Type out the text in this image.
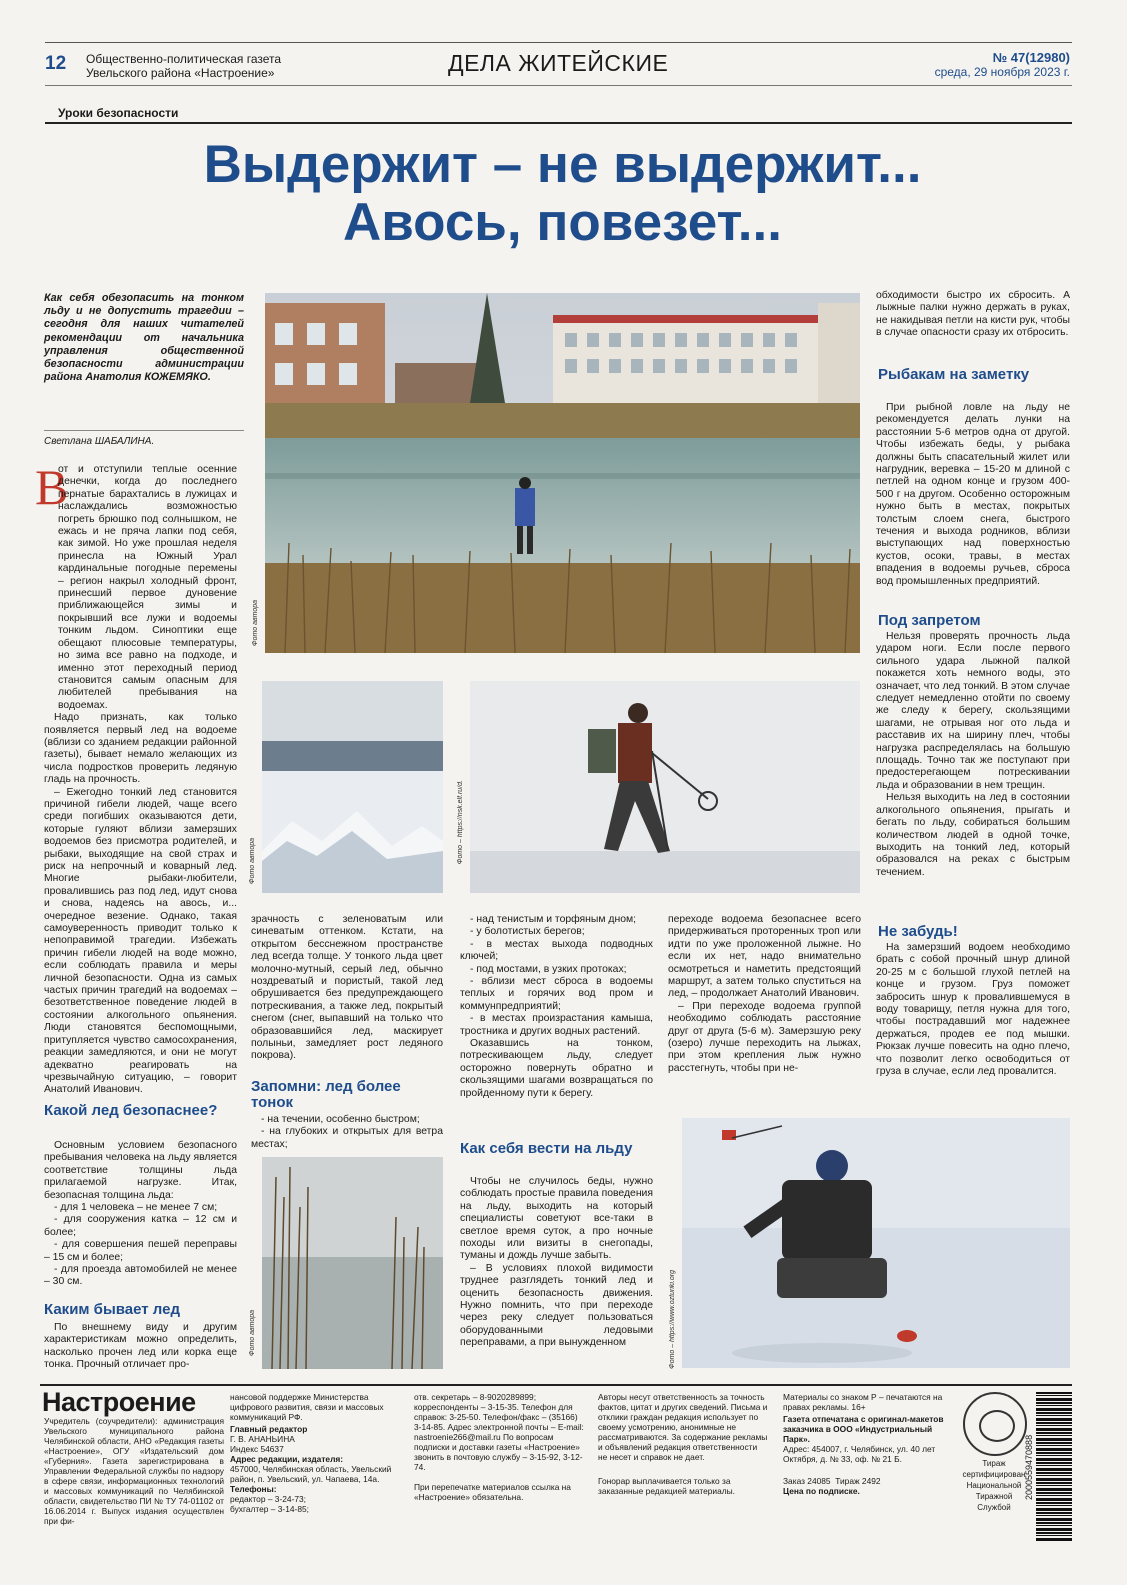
12 Общественно-политическая газета
Увельского района «Настроение»	ДЕЛА ЖИТЕЙСКИЕ	№ 47(12980)
среда, 29 ноября 2023 г.
Уроки безопасности
Выдержит – не выдержит...
Авось, повезет...
Как себя обезопасить на тонком льду и не допустить трагедии – сегодня для наших читателей рекомендации от начальника управления общественной безопасности администрации района Анатолия КОЖЕМЯКО.
Светлана ШАБАЛИНА.
В

от и отступили теплые осенние денечки, когда до последнего пернатые барахтались в лужицах и наслаждались возможностью погреть брюшко под солнышком, не ежась и не пряча лапки под себя, как зимой. Но уже прошлая неделя принесла на Южный Урал кардинальные погодные перемены – регион накрыл холодный фронт, принесший первое дуновение приближающейся зимы и покрывший все лужи и водоемы тонким льдом. Синоптики еще обещают плюсовые температуры, но зима все равно на подходе, и именно этот переходный период становится самым опасным для любителей пребывания на водоемах.

Надо признать, как только появляется первый лед на водоеме (вблизи со зданием редакции районной газеты), бывает немало желающих из числа подростков проверить ледяную гладь на прочность.

– Ежегодно тонкий лед становится причиной гибели людей, чаще всего среди погибших оказываются дети, которые гуляют вблизи замерзших водоемов без присмотра родителей, и рыбаки, выходящие на свой страх и риск на непрочный и коварный лед. Многие рыбаки-любители, провалившись раз под лед, идут снова и снова, надеясь на авось, и... очередное везение. Однако, такая самоуверенность приводит только к непоправимой трагедии. Избежать причин гибели людей на воде можно, если соблюдать правила и меры личной безопасности. Одна из самых частых причин трагедий на водоемах – безответственное поведение людей в состоянии алкогольного опьянения. Люди становятся беспомощными, притупляется чувство самосохранения, реакции замедляются, и они не могут адекватно реагировать на чрезвычайную ситуацию, – говорит Анатолий Иванович.

Какой лед безопаснее?

Основным условием безопасного пребывания человека на льду является соответствие толщины льда прилагаемой нагрузке. Итак, безопасная толщина льда:

- для 1 человека – не менее 7 см;

- для сооружения катка – 12 см и более;

- для совершения пешей переправы – 15 см и более;

- для проезда автомобилей не менее – 30 см.

Каким бывает лед

По внешнему виду и другим характеристикам можно определить, насколько прочен лед или корка еще тонка. Прочный отличает про-

Фото автора
Фото автора	Фото – https://nsk.elf.ru/d.

зрачность с зеленоватым или синеватым оттенком. Кстати, на открытом бесснежном пространстве лед всегда толще. У тонкого льда цвет молочно-мутный, серый лед, обычно ноздреватый и пористый, такой лед обрушивается без предупреждающего потрескивания, а также лед, покрытый снегом (снег, выпавший на только что образовавшийся лед, маскирует полыньи, замедляет рост ледяного покрова).

Запомни: лед более тонок

- на течении, особенно быстром;

- на глубоких и открытых для ветра местах;

Фото автора

- над тенистым и торфяным дном;

- у болотистых берегов;

- в местах выхода подводных ключей;

- под мостами, в узких протоках;

- вблизи мест сброса в водоемы теплых и горячих вод пром и коммунпредприятий;

- в местах произрастания камыша, тростника и других водных растений.

Оказавшись на тонком, потрескивающем льду, следует осторожно повернуть обратно и скользящими шагами возвращаться по пройденному пути к берегу.

Как себя вести на льду

Чтобы не случилось беды, нужно соблюдать простые правила поведения на льду, выходить на который специалисты советуют все-таки в светлое время суток, а про ночные походы или визиты в снегопады, туманы и дождь лучше забыть.

– В условиях плохой видимости труднее разглядеть тонкий лед и оценить безопасность движения. Нужно помнить, что при переходе через реку следует пользоваться оборудованными ледовыми переправами, а при вынужденном

переходе водоема безопаснее всего придерживаться проторенных троп или идти по уже проложенной лыжне. Но если их нет, надо внимательно осмотреться и наметить предстоящий маршрут, а затем только спуститься на лед, – продолжает Анатолий Иванович.

– При переходе водоема группой необходимо соблюдать расстояние друг от друга (5-6 м). Замерзшую реку (озеро) лучше переходить на лыжах, при этом крепления лыж нужно расстегнуть, чтобы при не-

Фото – https://www.ozturiki.org

обходимости быстро их сбросить. А лыжные палки нужно держать в руках, не накидывая петли на кисти рук, чтобы в случае опасности сразу их отбросить.

Рыбакам на заметку

При рыбной ловле на льду не рекомендуется делать лунки на расстоянии 5-6 метров одна от другой. Чтобы избежать беды, у рыбака должны быть спасательный жилет или нагрудник, веревка – 15-20 м длиной с петлей на одном конце и грузом 400-500 г на другом. Особенно осторожным нужно быть в местах, покрытых толстым слоем снега, быстрого течения и выхода родников, вблизи выступающих над поверхностью кустов, осоки, травы, в местах впадения в водоемы ручьев, сброса вод промышленных предприятий.

Под запретом

Нельзя проверять прочность льда ударом ноги. Если после первого сильного удара лыжной палкой покажется хоть немного воды, это означает, что лед тонкий. В этом случае следует немедленно отойти по своему же следу к берегу, скользящими шагами, не отрывая ног ото льда и расставив их на ширину плеч, чтобы нагрузка распределялась на большую площадь. Точно так же поступают при предостерегающем потрескивании льда и образовании в нем трещин.

Нельзя выходить на лед в состоянии алкогольного опьянения, прыгать и бегать по льду, собираться большим количеством людей в одной точке, выходить на тонкий лед, который образовался на реках с быстрым течением.

Не забудь!

На замерзший водоем необходимо брать с собой прочный шнур длиной 20-25 м с большой глухой петлей на конце и грузом. Груз поможет забросить шнур к провалившемуся в воду товарищу, петля нужна для того, чтобы пострадавший мог надежнее держаться, продев ее под мышки. Рюкзак лучше повесить на одно плечо, что позволит легко освободиться от груза в случае, если лед провалится.

Настроение

Учредитель (соучредители): администрация Увельского муниципального района Челябинской области, АНО «Редакция газеты «Настроение», ОГУ «Издательский дом «Губерния». Газета зарегистрирована в Управлении Федеральной службы по надзору в сфере связи, информационных технологий и массовых коммуникаций по Челябинской области, свидетельство ПИ № ТУ 74-01102 от 16.06.2014 г. Выпуск издания осуществлен при фи-

нансовой поддержке Министерства цифрового развития, связи и массовых коммуникаций РФ.

Главный редактор

Г. В. АНАНЬИНА

Индекс 54637

Адрес редакции, издателя:

457000, Челябинская область, Увельский район, п. Увельский, ул. Чапаева, 14а.

Телефоны:

редактор – 3-24-73;

бухгалтер – 3-14-85;

отв. секретарь – 8-9020289899; корреспонденты – 3-15-35. Телефон для справок: 3-25-50. Телефон/факс – (35166) 3-14-85. Адрес электронной почты – E-mail: nastroenie266@mail.ru По вопросам подписки и доставки газеты «Настроение» звонить в почтовую службу – 3-15-92, 3-12-74.

При перепечатке материалов ссылка на «Настроение» обязательна.

Авторы несут ответственность за точность фактов, цитат и других сведений. Письма и отклики граждан редакция использует по своему усмотрению, анонимные не рассматриваются. За содержание рекламы и объявлений редакция ответственности не несет и справок не дает.

Гонорар выплачивается только за заказанные редакцией материалы.

Материалы со знаком Р – печатаются на правах рекламы. 16+

Газета отпечатана с оригинал-макетов заказчика в ООО «Индустриальный Парк».

Адрес: 454007, г. Челябинск, ул. 40 лет Октября, д. № 33, оф. № 21 Б.

Заказ 24085 Тираж 2492

Цена по подписке.

Тираж сертифицирован Национальной Тиражной Службой
2000559470888
